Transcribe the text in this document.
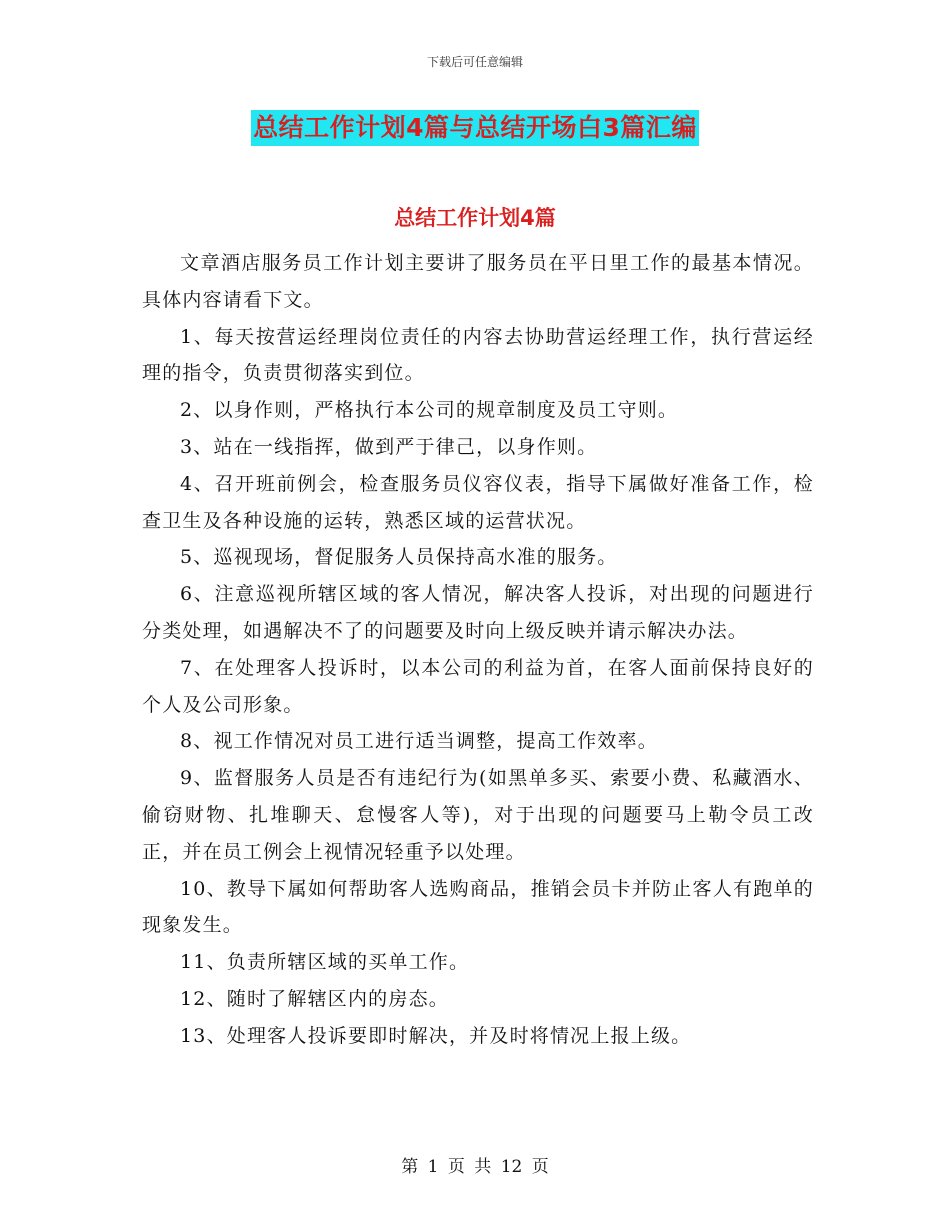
下载后可任意编辑
总结工作计划4篇与总结开场白3篇汇编
总结工作计划4篇

文章酒店服务员工作计划主要讲了服务员在平日里工作的最基本情况。具体内容请看下文。

1、每天按营运经理岗位责任的内容去协助营运经理工作，执行营运经理的指令，负责贯彻落实到位。

2、以身作则，严格执行本公司的规章制度及员工守则。

3、站在一线指挥，做到严于律己，以身作则。

4、召开班前例会，检查服务员仪容仪表，指导下属做好准备工作，检查卫生及各种设施的运转，熟悉区域的运营状况。

5、巡视现场，督促服务人员保持高水准的服务。

6、注意巡视所辖区域的客人情况，解决客人投诉，对出现的问题进行分类处理，如遇解决不了的问题要及时向上级反映并请示解决办法。

7、在处理客人投诉时，以本公司的利益为首，在客人面前保持良好的个人及公司形象。

8、视工作情况对员工进行适当调整，提高工作效率。

9、监督服务人员是否有违纪行为(如黑单多买、索要小费、私藏酒水、偷窃财物、扎堆聊天、怠慢客人等)，对于出现的问题要马上勒令员工改正，并在员工例会上视情况轻重予以处理。

10、教导下属如何帮助客人选购商品，推销会员卡并防止客人有跑单的现象发生。

11、负责所辖区域的买单工作。

12、随时了解辖区内的房态。

13、处理客人投诉要即时解决，并及时将情况上报上级。

第 1 页 共 12 页
